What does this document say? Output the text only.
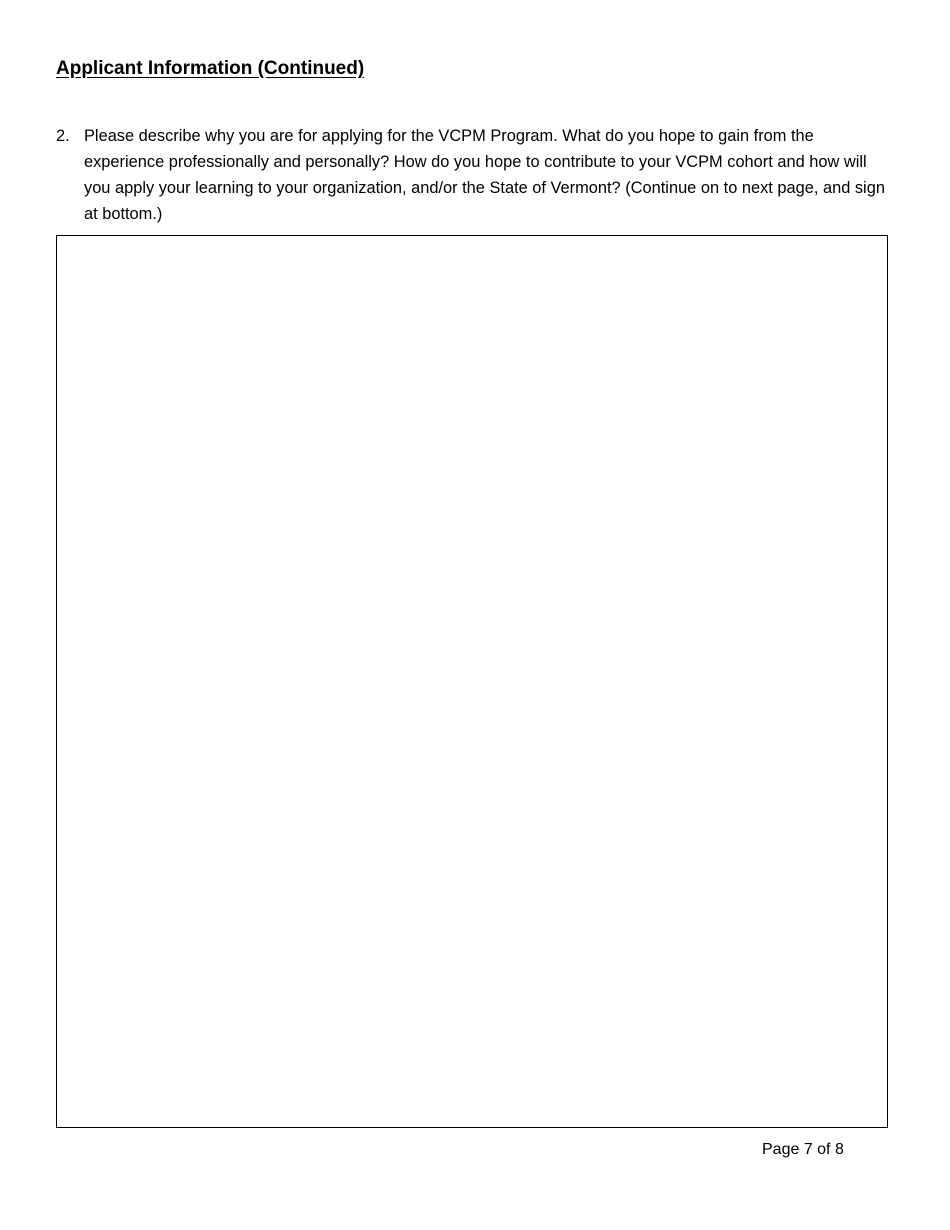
Applicant Information (Continued)
2. Please describe why you are for applying for the VCPM Program. What do you hope to gain from the experience professionally and personally? How do you hope to contribute to your VCPM cohort and how will you apply your learning to your organization, and/or the State of Vermont? (Continue on to next page, and sign at bottom.)
Page 7 of 8
